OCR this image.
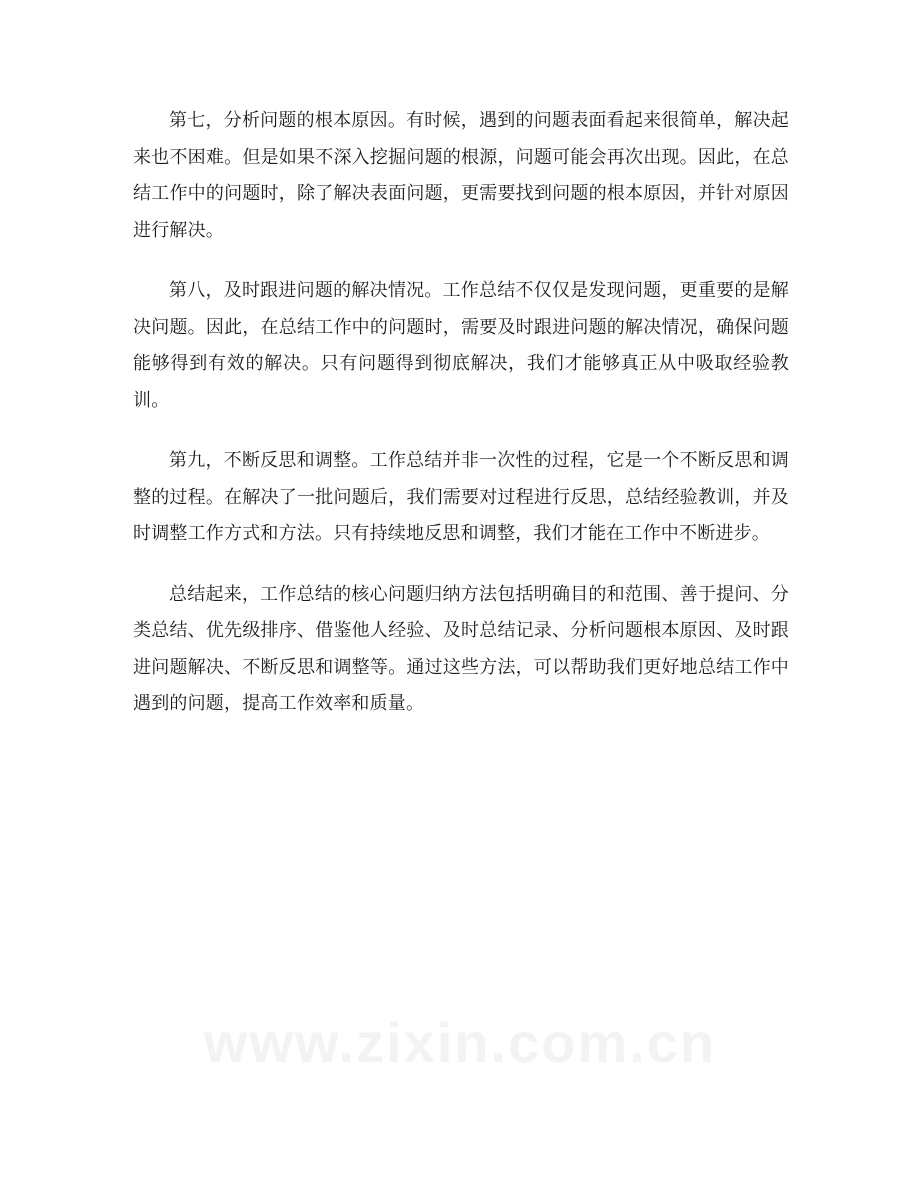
第七，分析问题的根本原因。有时候，遇到的问题表面看起来很简单，解决起来也不困难。但是如果不深入挖掘问题的根源，问题可能会再次出现。因此，在总结工作中的问题时，除了解决表面问题，更需要找到问题的根本原因，并针对原因进行解决。

第八，及时跟进问题的解决情况。工作总结不仅仅是发现问题，更重要的是解决问题。因此，在总结工作中的问题时，需要及时跟进问题的解决情况，确保问题能够得到有效的解决。只有问题得到彻底解决，我们才能够真正从中吸取经验教训。

第九，不断反思和调整。工作总结并非一次性的过程，它是一个不断反思和调整的过程。在解决了一批问题后，我们需要对过程进行反思，总结经验教训，并及时调整工作方式和方法。只有持续地反思和调整，我们才能在工作中不断进步。

总结起来，工作总结的核心问题归纳方法包括明确目的和范围、善于提问、分类总结、优先级排序、借鉴他人经验、及时总结记录、分析问题根本原因、及时跟进问题解决、不断反思和调整等。通过这些方法，可以帮助我们更好地总结工作中遇到的问题，提高工作效率和质量。

www.zixin.com.cn
